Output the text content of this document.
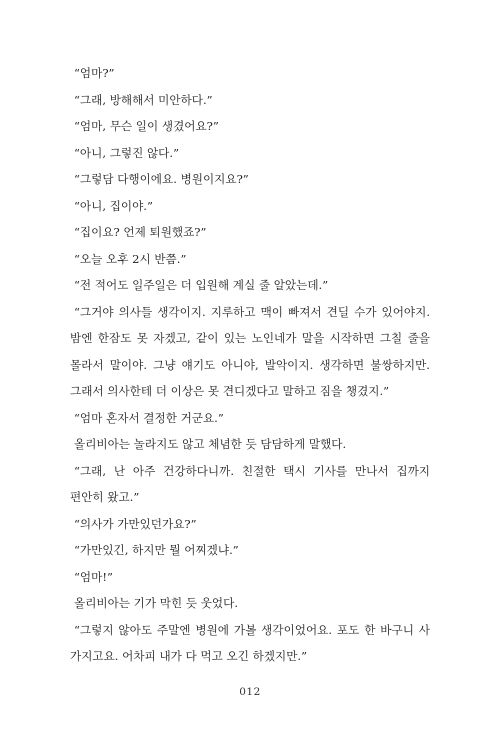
“엄마?”

“그래, 방해해서 미안하다.”

“엄마, 무슨 일이 생겼어요?”

“아니, 그렇진 않다.”

“그렇담 다행이에요. 병원이지요?”

“아니, 집이야.”

“집이요? 언제 퇴원했죠?”

“오늘 오후 2시 반쯤.”

“전 적어도 일주일은 더 입원해 계실 줄 알았는데.”

“그거야 의사들 생각이지. 지루하고 맥이 빠져서 견딜 수가 있어야지. 밤엔 한잠도 못 자겠고, 같이 있는 노인네가 말을 시작하면 그칠 줄을 몰라서 말이야. 그냥 얘기도 아니야, 발악이지. 생각하면 불쌍하지만. 그래서 의사한테 더 이상은 못 견디겠다고 말하고 짐을 챙겼지.”

“엄마 혼자서 결정한 거군요.”

올리비아는 놀라지도 않고 체념한 듯 담담하게 말했다.

“그래, 난 아주 건강하다니까. 친절한 택시 기사를 만나서 집까지 편안히 왔고.”

“의사가 가만있던가요?”

“가만있긴, 하지만 뭘 어찌겠냐.”

“엄마!”

올리비아는 기가 막힌 듯 웃었다.

“그렇지 않아도 주말엔 병원에 가볼 생각이었어요. 포도 한 바구니 사 가지고요. 어차피 내가 다 먹고 오긴 하겠지만.”

012
